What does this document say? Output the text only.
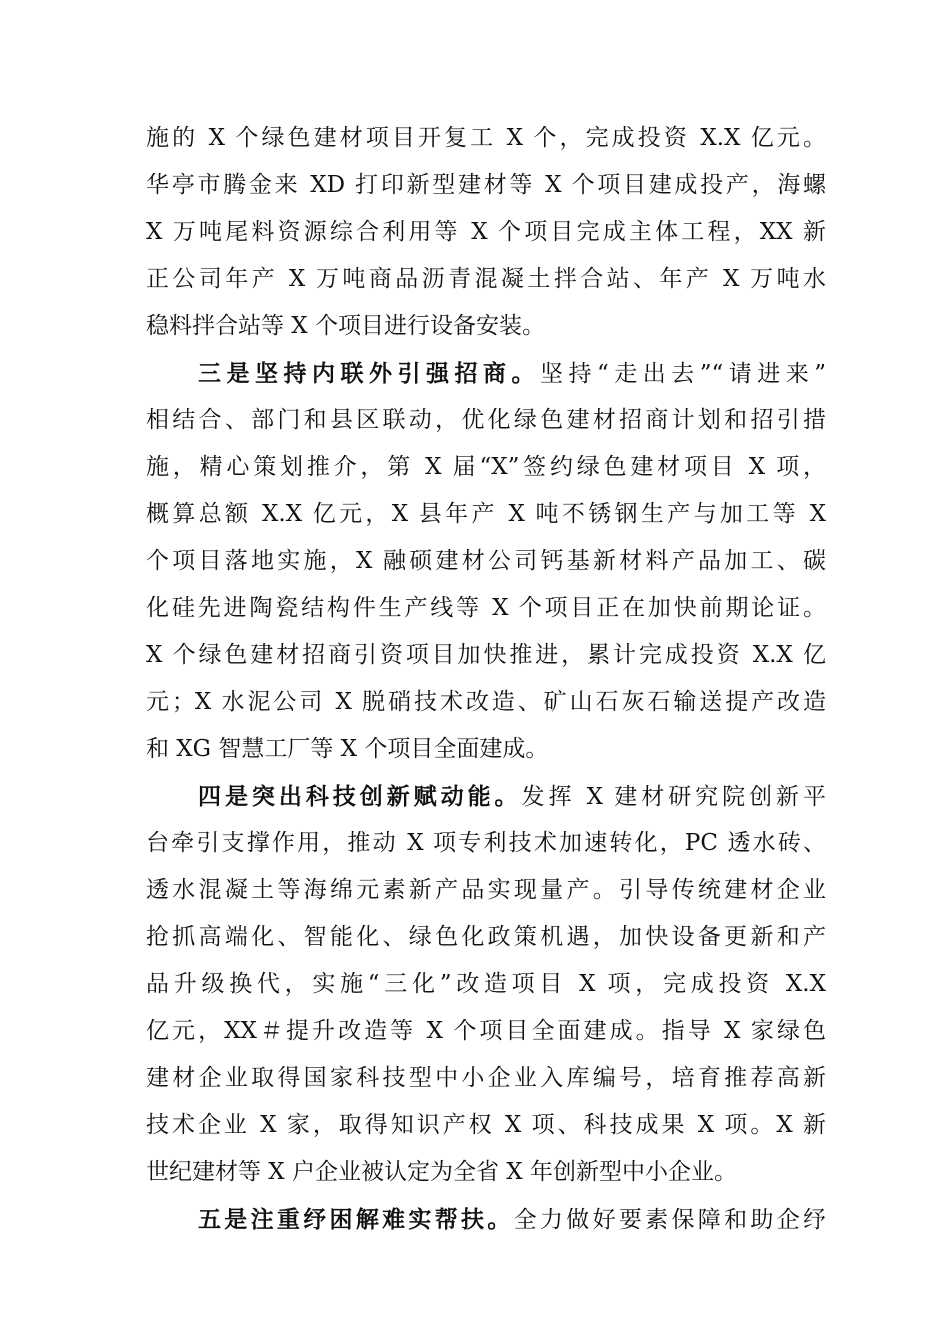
施的 X 个绿色建材项目开复工 X 个，完成投资 X.X 亿元。
华亭市腾金来 XD 打印新型建材等 X 个项目建成投产，海螺
X 万吨尾料资源综合利用等 X 个项目完成主体工程，XX 新
正公司年产 X 万吨商品沥青混凝土拌合站、年产 X 万吨水
稳料拌合站等 X 个项目进行设备安装。
三是坚持内联外引强招商。坚持“走出去”“请进来”
相结合、部门和县区联动，优化绿色建材招商计划和招引措
施，精心策划推介，第 X 届“X”签约绿色建材项目 X 项，
概算总额 X.X 亿元，X 县年产 X 吨不锈钢生产与加工等 X
个项目落地实施，X 融硕建材公司钙基新材料产品加工、碳
化硅先进陶瓷结构件生产线等 X 个项目正在加快前期论证。
X 个绿色建材招商引资项目加快推进，累计完成投资 X.X 亿
元；X 水泥公司 X 脱硝技术改造、矿山石灰石输送提产改造
和 XG 智慧工厂等 X 个项目全面建成。
四是突出科技创新赋动能。发挥 X 建材研究院创新平
台牵引支撑作用，推动 X 项专利技术加速转化，PC 透水砖、
透水混凝土等海绵元素新产品实现量产。引导传统建材企业
抢抓高端化、智能化、绿色化政策机遇，加快设备更新和产
品升级换代，实施“三化”改造项目 X 项，完成投资 X.X
亿元，XX＃提升改造等 X 个项目全面建成。指导 X 家绿色
建材企业取得国家科技型中小企业入库编号，培育推荐高新
技术企业 X 家，取得知识产权 X 项、科技成果 X 项。X 新
世纪建材等 X 户企业被认定为全省 X 年创新型中小企业。
五是注重纾困解难实帮扶。全力做好要素保障和助企纾
